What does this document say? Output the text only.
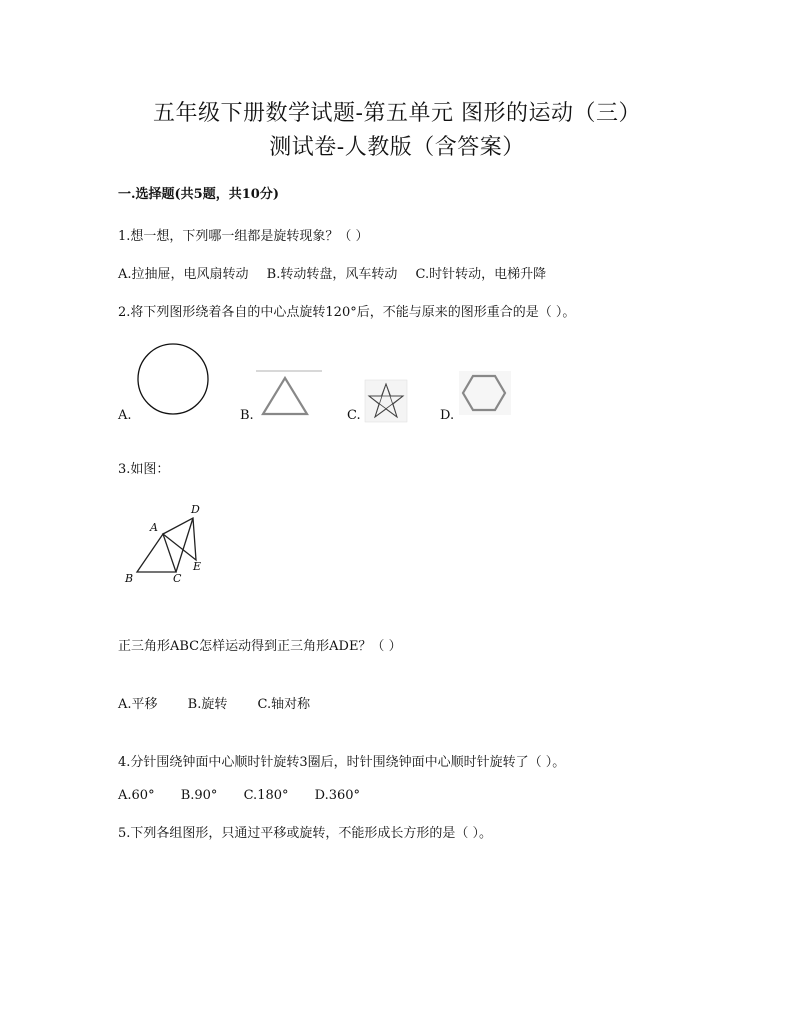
五年级下册数学试题-第五单元 图形的运动（三）
测试卷-人教版（含答案）
一.选择题(共5题，共10分)
1.想一想，下列哪一组都是旋转现象？（ ）
A.拉抽屉，电风扇转动 B.转动转盘，风车转动 C.时针转动，电梯升降
2.将下列图形绕着各自的中心点旋转120°后，不能与原来的图形重合的是（ ）。
A.	B.	C.	D.
3.如图：
A
B	C
D
E
正三角形ABC怎样运动得到正三角形ADE？（ ）
A.平移 B.旋转 C.轴对称
4.分针围绕钟面中心顺时针旋转3圈后，时针围绕钟面中心顺时针旋转了（ ）。
A.60° B.90° C.180° D.360°
5.下列各组图形，只通过平移或旋转，不能形成长方形的是（ ）。
